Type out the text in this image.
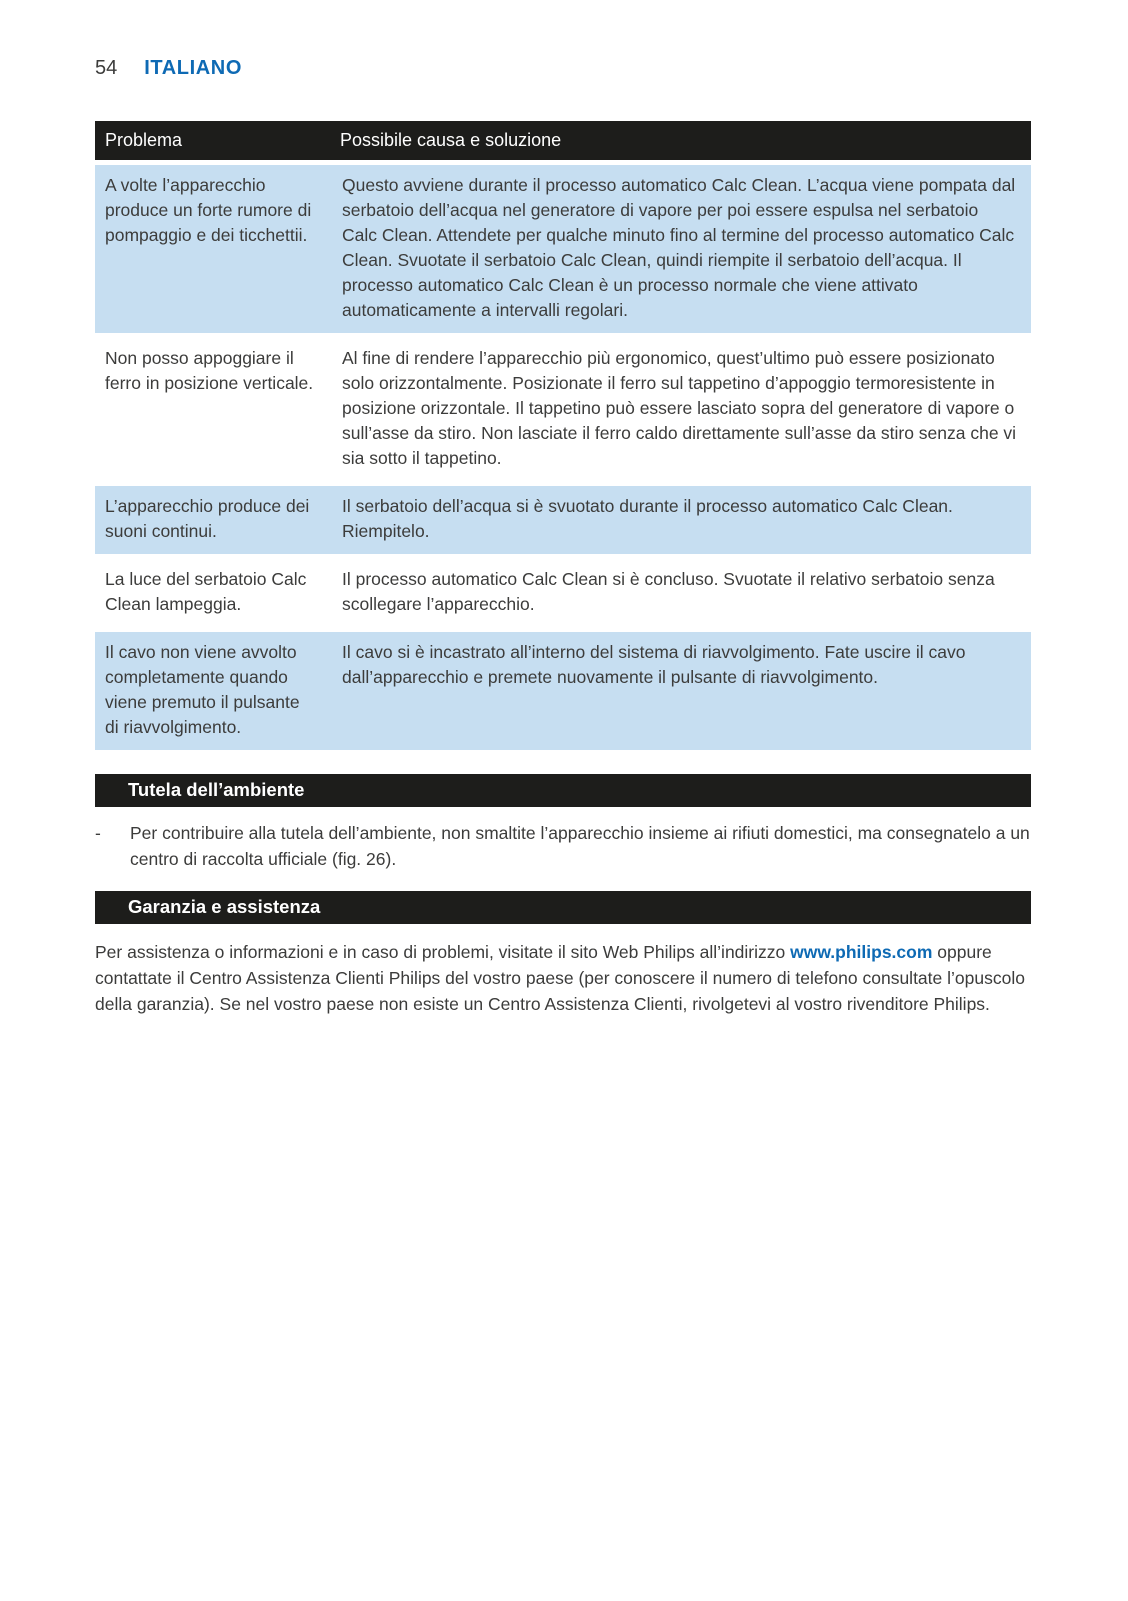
54 ITALIANO
Problema	Possibile causa e soluzione
A volte l’apparecchio produce un forte rumore di pompaggio e dei ticchettii.	Questo avviene durante il processo automatico Calc Clean. L’acqua viene pompata dal serbatoio dell’acqua nel generatore di vapore per poi essere espulsa nel serbatoio Calc Clean. Attendete per qualche minuto fino al termine del processo automatico Calc Clean. Svuotate il serbatoio Calc Clean, quindi riempite il serbatoio dell’acqua. Il processo automatico Calc Clean è un processo normale che viene attivato automaticamente a intervalli regolari.
Non posso appoggiare il ferro in posizione verticale.	Al fine di rendere l’apparecchio più ergonomico, quest’ultimo può essere posizionato solo orizzontalmente. Posizionate il ferro sul tappetino d’appoggio termoresistente in posizione orizzontale. Il tappetino può essere lasciato sopra del generatore di vapore o sull’asse da stiro. Non lasciate il ferro caldo direttamente sull’asse da stiro senza che vi sia sotto il tappetino.
L’apparecchio produce dei suoni continui.	Il serbatoio dell’acqua si è svuotato durante il processo automatico Calc Clean. Riempitelo.
La luce del serbatoio Calc Clean lampeggia.	Il processo automatico Calc Clean si è concluso. Svuotate il relativo serbatoio senza scollegare l’apparecchio.
Il cavo non viene avvolto completamente quando viene premuto il pulsante di riavvolgimento.	Il cavo si è incastrato all’interno del sistema di riavvolgimento. Fate uscire il cavo dall’apparecchio e premete nuovamente il pulsante di riavvolgimento.
Tutela dell’ambiente
-	Per contribuire alla tutela dell’ambiente, non smaltite l’apparecchio insieme ai rifiuti domestici, ma consegnatelo a un centro di raccolta ufficiale (fig. 26).
Garanzia e assistenza

Per assistenza o informazioni e in caso di problemi, visitate il sito Web Philips all’indirizzo www.philips.com oppure contattate il Centro Assistenza Clienti Philips del vostro paese (per conoscere il numero di telefono consultate l’opuscolo della garanzia). Se nel vostro paese non esiste un Centro Assistenza Clienti, rivolgetevi al vostro rivenditore Philips.
